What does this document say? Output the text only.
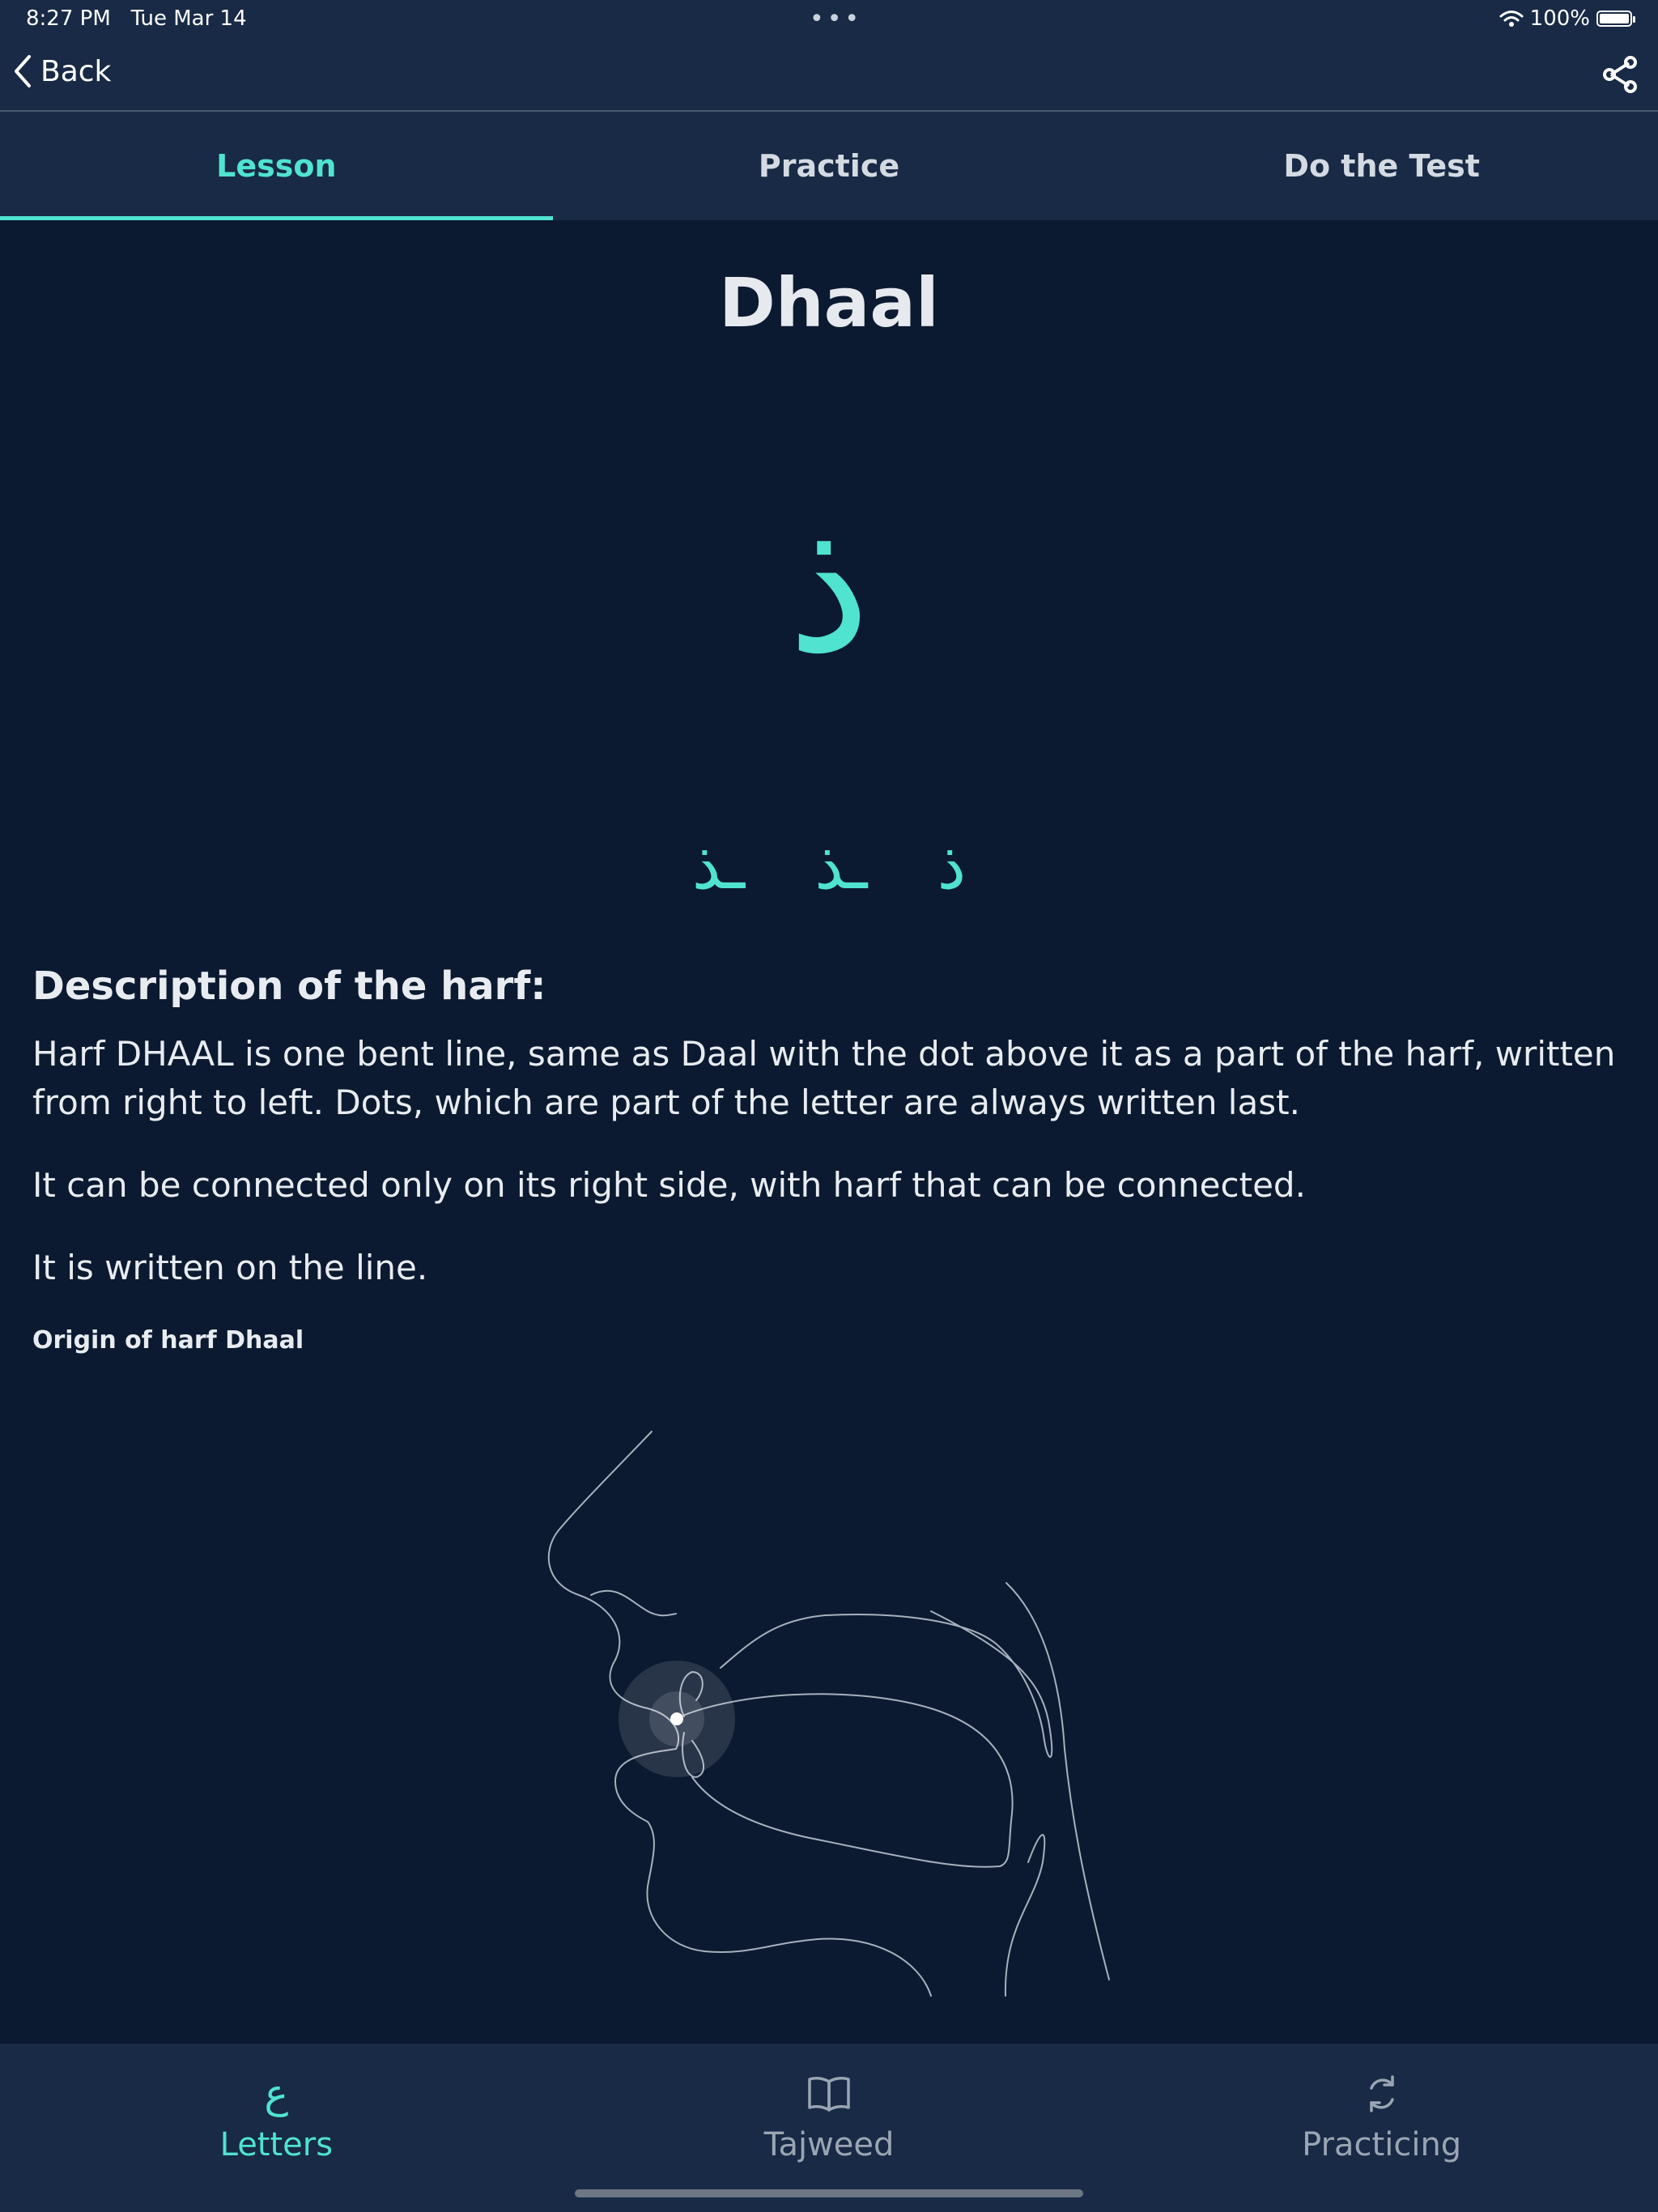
8:27 PM Tue Mar 14	•••	100%
Back
Lesson	Practice	Do the Test
Dhaal
ذ
ـذ ـذ ذ
Description of the harf:

Harf DHAAL is one bent line, same as Daal with the dot above it as a part of the harf, written from right to left. Dots, which are part of the letter are always written last.

It can be connected only on its right side, with harf that can be connected.

It is written on the line.

Origin of harf Dhaal
ع
Letters	Tajweed	Practicing
